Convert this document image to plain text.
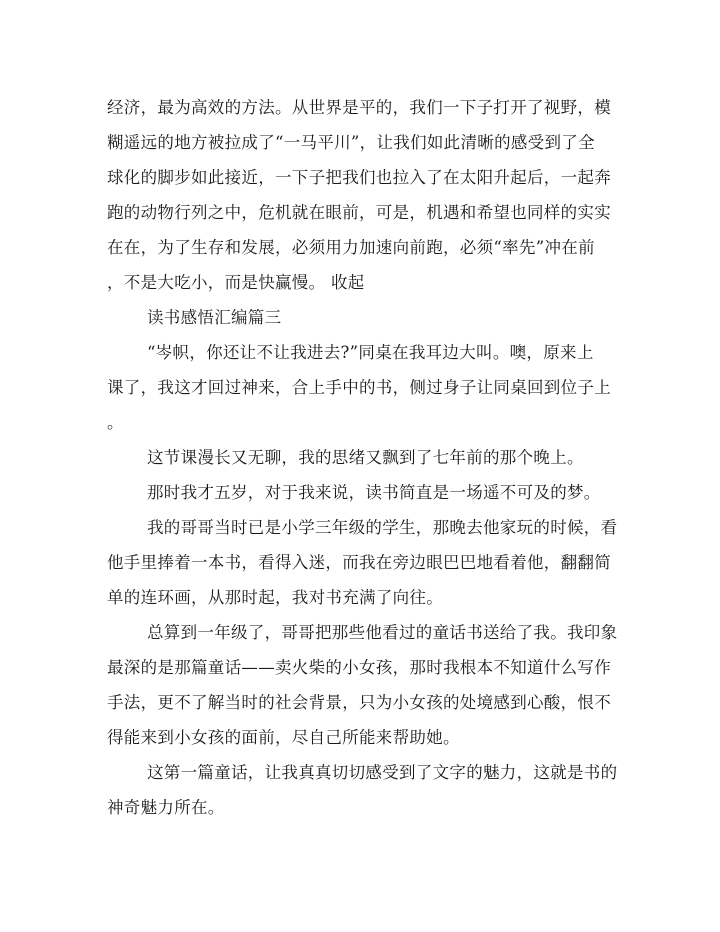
经济，最为高效的方法。从世界是平的，我们一下子打开了视野，模
糊遥远的地方被拉成了“一马平川”，让我们如此清晰的感受到了全
球化的脚步如此接近，一下子把我们也拉入了在太阳升起后，一起奔
跑的动物行列之中，危机就在眼前，可是，机遇和希望也同样的实实
在在，为了生存和发展，必须用力加速向前跑，必须“率先”冲在前
，不是大吃小，而是快赢慢。 收起
读书感悟汇编篇三
“岑帜，你还让不让我进去?”同桌在我耳边大叫。噢，原来上
课了，我这才回过神来，合上手中的书，侧过身子让同桌回到位子上
。
这节课漫长又无聊，我的思绪又飘到了七年前的那个晚上。
那时我才五岁，对于我来说，读书简直是一场遥不可及的梦。
我的哥哥当时已是小学三年级的学生，那晚去他家玩的时候，看
他手里捧着一本书，看得入迷，而我在旁边眼巴巴地看着他，翻翻简
单的连环画，从那时起，我对书充满了向往。
总算到一年级了，哥哥把那些他看过的童话书送给了我。我印象
最深的是那篇童话——卖火柴的小女孩，那时我根本不知道什么写作
手法，更不了解当时的社会背景，只为小女孩的处境感到心酸，恨不
得能来到小女孩的面前，尽自己所能来帮助她。
这第一篇童话，让我真真切切感受到了文字的魅力，这就是书的
神奇魅力所在。
